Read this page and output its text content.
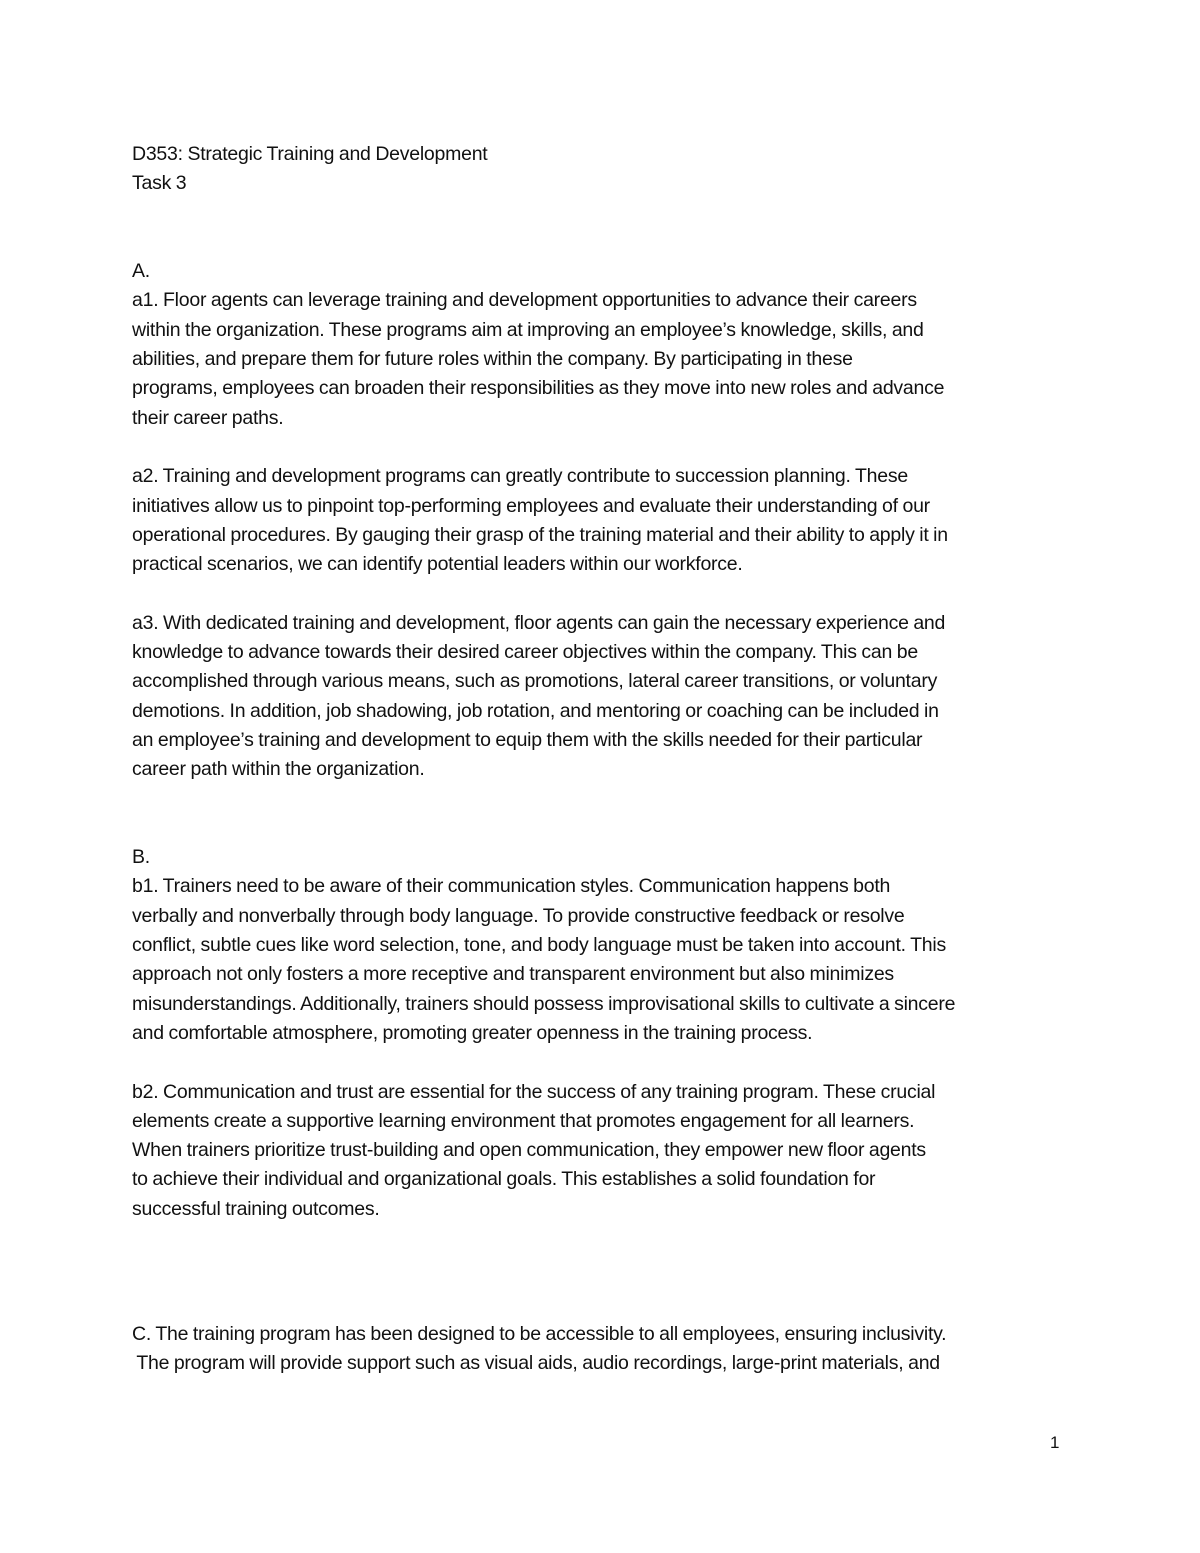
D353: Strategic Training and Development
Task 3
A.
a1. Floor agents can leverage training and development opportunities to advance their careers
within the organization. These programs aim at improving an employee’s knowledge, skills, and
abilities, and prepare them for future roles within the company. By participating in these
programs, employees can broaden their responsibilities as they move into new roles and advance
their career paths.
a2. Training and development programs can greatly contribute to succession planning. These
initiatives allow us to pinpoint top-performing employees and evaluate their understanding of our
operational procedures. By gauging their grasp of the training material and their ability to apply it in
practical scenarios, we can identify potential leaders within our workforce.
a3. With dedicated training and development, floor agents can gain the necessary experience and
knowledge to advance towards their desired career objectives within the company. This can be
accomplished through various means, such as promotions, lateral career transitions, or voluntary
demotions. In addition, job shadowing, job rotation, and mentoring or coaching can be included in
an employee’s training and development to equip them with the skills needed for their particular
career path within the organization.
B.
b1. Trainers need to be aware of their communication styles. Communication happens both
verbally and nonverbally through body language. To provide constructive feedback or resolve
conflict, subtle cues like word selection, tone, and body language must be taken into account. This
approach not only fosters a more receptive and transparent environment but also minimizes
misunderstandings. Additionally, trainers should possess improvisational skills to cultivate a sincere
and comfortable atmosphere, promoting greater openness in the training process.
b2. Communication and trust are essential for the success of any training program. These crucial
elements create a supportive learning environment that promotes engagement for all learners.
When trainers prioritize trust-building and open communication, they empower new floor agents
to achieve their individual and organizational goals. This establishes a solid foundation for
successful training outcomes.
C. The training program has been designed to be accessible to all employees, ensuring inclusivity.
The program will provide support such as visual aids, audio recordings, large-print materials, and
1
